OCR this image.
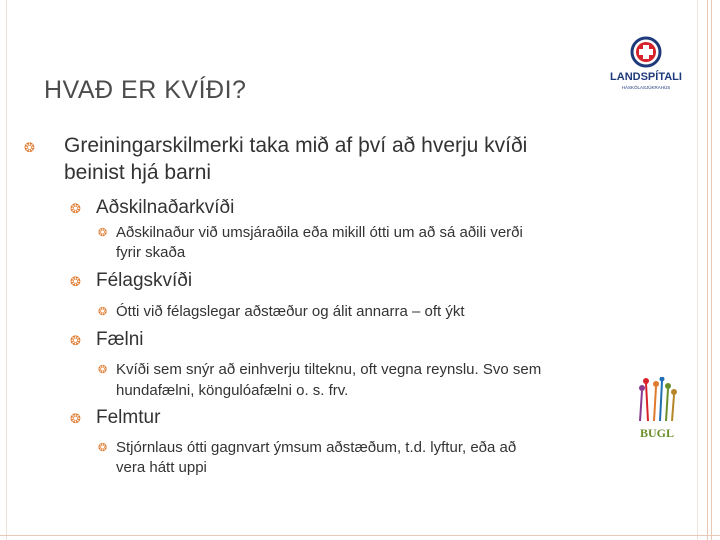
HVAÐ ER KVÍÐI?	LANDSPÍTALI
HÁSKÓLASJÚKRAHÚS
❂ Greiningarskilmerki taka mið af því að hverju kvíði

beinist hjá barni

❂ Aðskilnaðarkvíði

❂ Aðskilnaður við umsjáraðila eða mikill ótti um að sá aðili verði

fyrir skaða

❂ Félagskvíði

❂ Ótti við félagslegar aðstæður og álit annarra – oft ýkt

❂ Fælni

❂ Kvíði sem snýr að einhverju tilteknu, oft vegna reynslu. Svo sem

hundafælni, köngulóafælni o. s. frv.

❂ Felmtur

❂ Stjórnlaus ótti gagnvart ýmsum aðstæðum, t.d. lyftur, eða að

vera hátt uppi

BUGL
